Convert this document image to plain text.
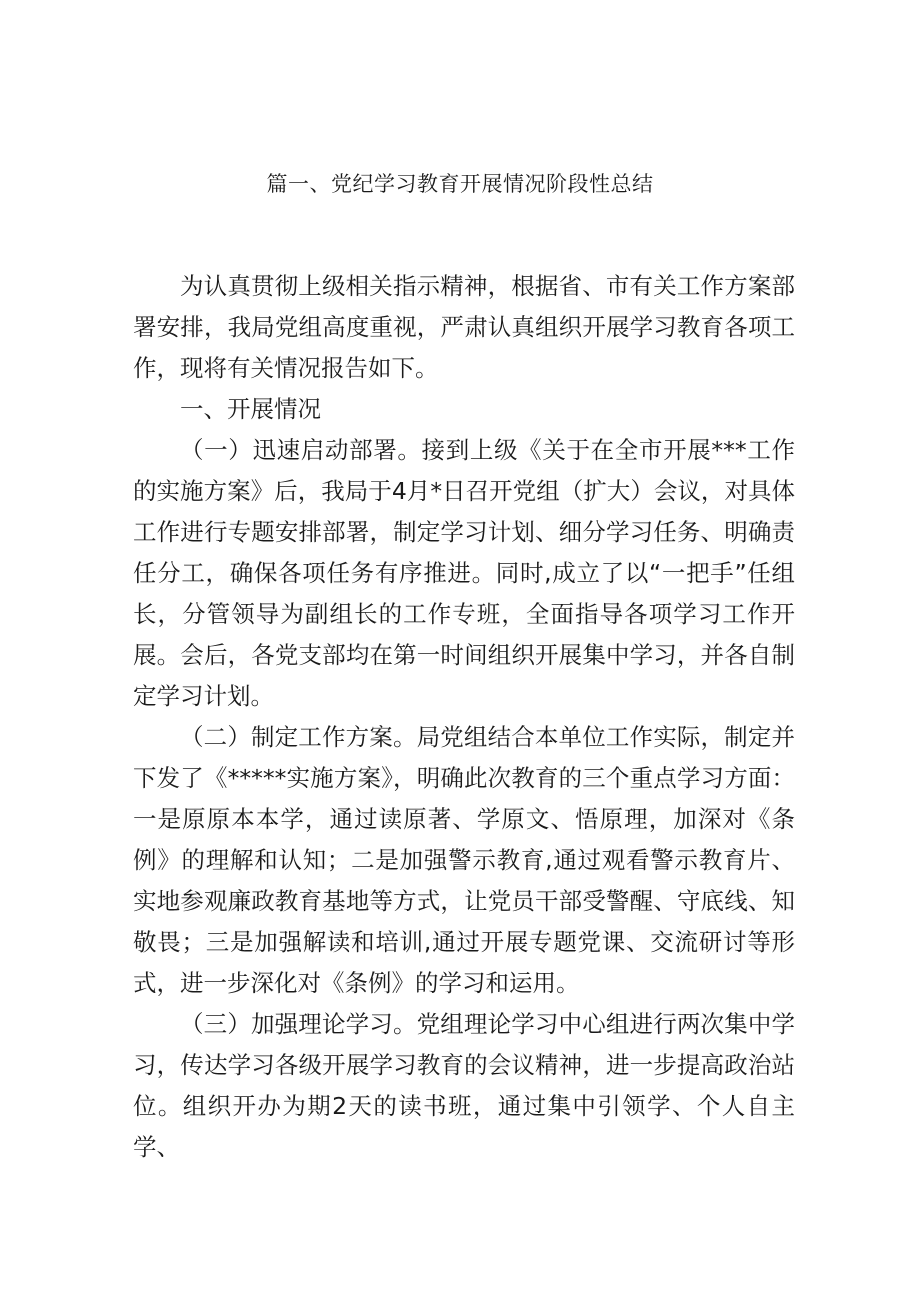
篇一、党纪学习教育开展情况阶段性总结

为认真贯彻上级相关指示精神，根据省、市有关工作方案部署安排，我局党组高度重视，严肃认真组织开展学习教育各项工作，现将有关情况报告如下。

一、开展情况

（一）迅速启动部署。接到上级《关于在全市开展***工作的实施方案》后，我局于4月*日召开党组（扩大）会议，对具体工作进行专题安排部署，制定学习计划、细分学习任务、明确责任分工，确保各项任务有序推进。同时,成立了以“一把手”任组长，分管领导为副组长的工作专班，全面指导各项学习工作开展。会后，各党支部均在第一时间组织开展集中学习，并各自制定学习计划。

（二）制定工作方案。局党组结合本单位工作实际，制定并下发了《*****实施方案》，明确此次教育的三个重点学习方面：一是原原本本学，通过读原著、学原文、悟原理，加深对《条例》的理解和认知；二是加强警示教育,通过观看警示教育片、实地参观廉政教育基地等方式，让党员干部受警醒、守底线、知敬畏；三是加强解读和培训,通过开展专题党课、交流研讨等形式，进一步深化对《条例》的学习和运用。

（三）加强理论学习。党组理论学习中心组进行两次集中学习，传达学习各级开展学习教育的会议精神，进一步提高政治站位。组织开办为期2天的读书班，通过集中引领学、个人自主学、
